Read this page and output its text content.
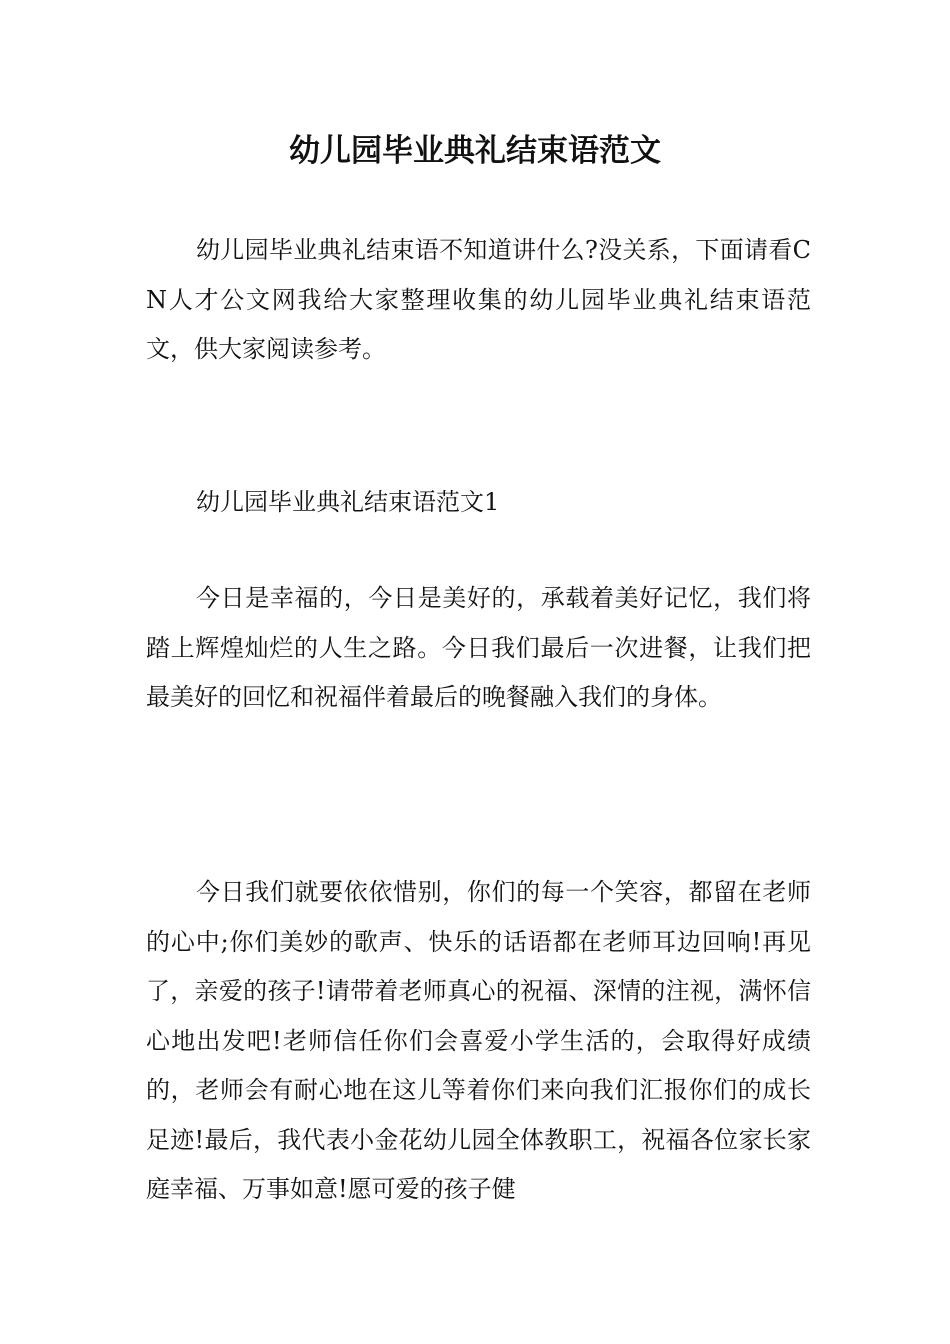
幼儿园毕业典礼结束语范文

幼儿园毕业典礼结束语不知道讲什么?没关系，下面请看CN人才公文网我给大家整理收集的幼儿园毕业典礼结束语范文，供大家阅读参考。

幼儿园毕业典礼结束语范文1

今日是幸福的，今日是美好的，承载着美好记忆，我们将踏上辉煌灿烂的人生之路。今日我们最后一次进餐，让我们把最美好的回忆和祝福伴着最后的晚餐融入我们的身体。

今日我们就要依依惜别，你们的每一个笑容，都留在老师的心中;你们美妙的歌声、快乐的话语都在老师耳边回响!再见了，亲爱的孩子!请带着老师真心的祝福、深情的注视，满怀信心地出发吧!老师信任你们会喜爱小学生活的，会取得好成绩的，老师会有耐心地在这儿等着你们来向我们汇报你们的成长足迹!最后，我代表小金花幼儿园全体教职工，祝福各位家长家庭幸福、万事如意!愿可爱的孩子健
